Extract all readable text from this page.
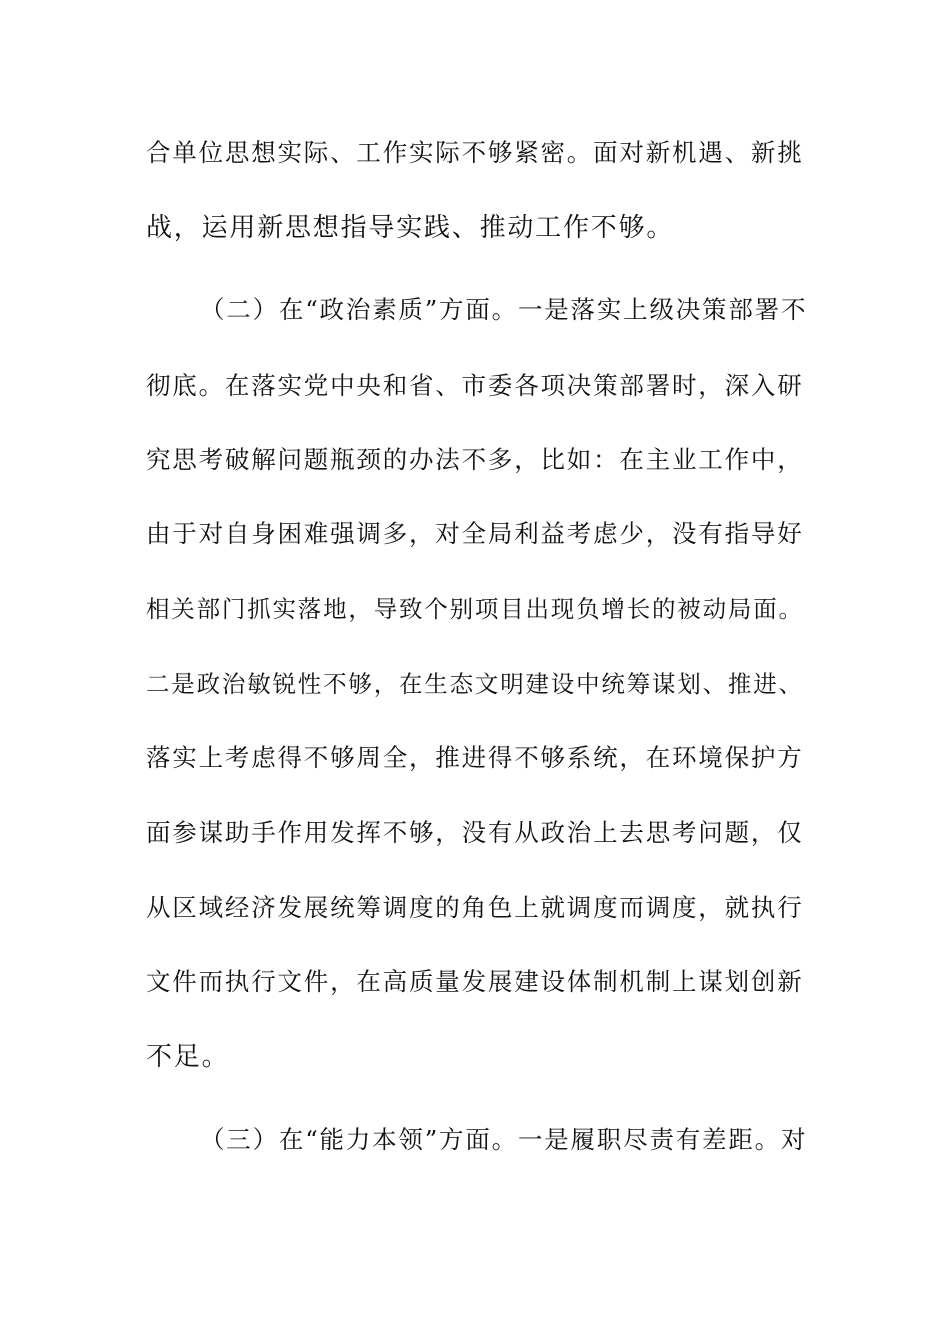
合单位思想实际、工作实际不够紧密。面对新机遇、新挑
战，运用新思想指导实践、推动工作不够。
（二）在“政治素质”方面。一是落实上级决策部署不
彻底。在落实党中央和省、市委各项决策部署时，深入研
究思考破解问题瓶颈的办法不多，比如：在主业工作中，
由于对自身困难强调多，对全局利益考虑少，没有指导好
相关部门抓实落地，导致个别项目出现负增长的被动局面。
二是政治敏锐性不够，在生态文明建设中统筹谋划、推进、
落实上考虑得不够周全，推进得不够系统，在环境保护方
面参谋助手作用发挥不够，没有从政治上去思考问题，仅
从区域经济发展统筹调度的角色上就调度而调度，就执行
文件而执行文件，在高质量发展建设体制机制上谋划创新
不足。
（三）在“能力本领”方面。一是履职尽责有差距。对
